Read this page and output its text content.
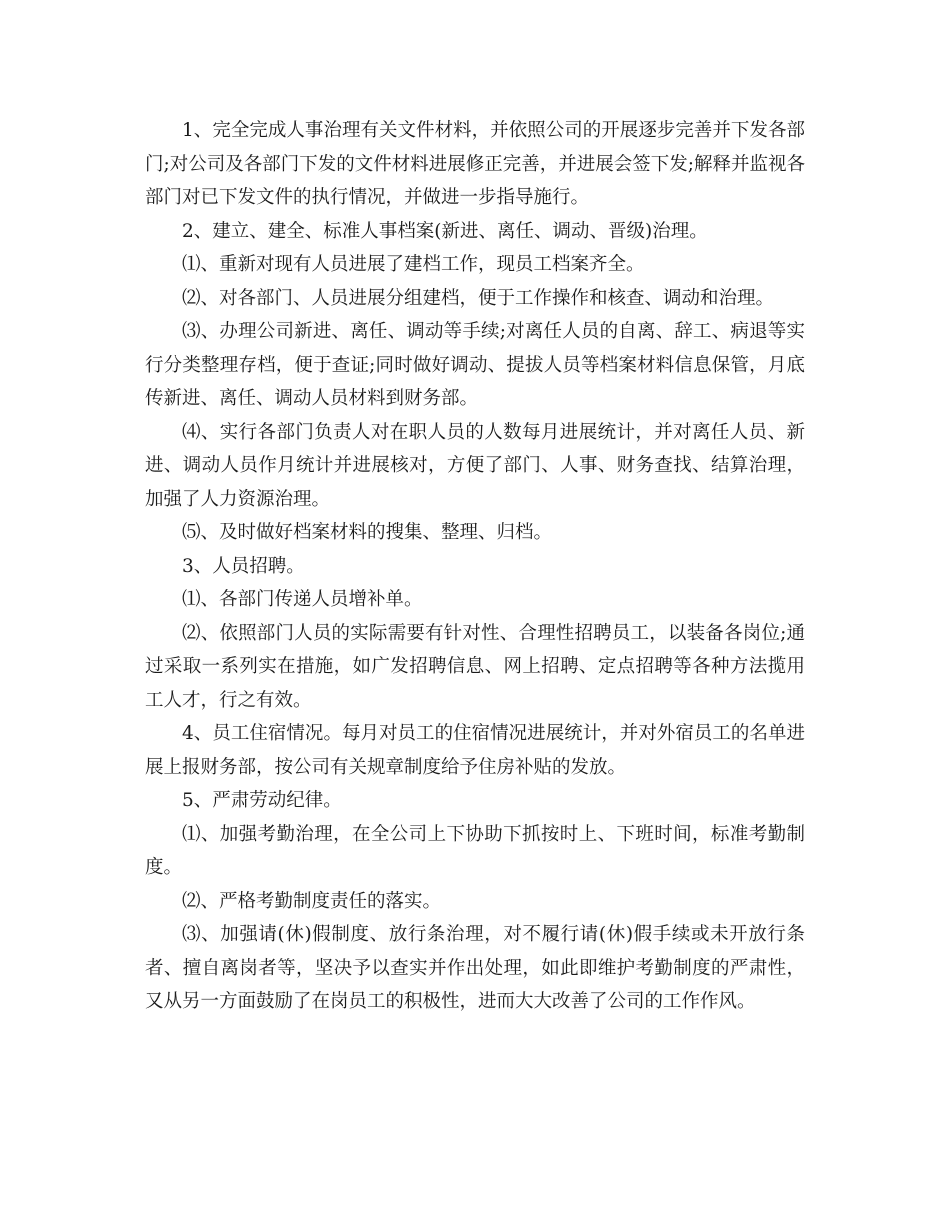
1、完全完成人事治理有关文件材料，并依照公司的开展逐步完善并下发各部门;对公司及各部门下发的文件材料进展修正完善，并进展会签下发;解释并监视各部门对已下发文件的执行情况，并做进一步指导施行。

2、建立、建全、标准人事档案(新进、离任、调动、晋级)治理。

⑴、重新对现有人员进展了建档工作，现员工档案齐全。

⑵、对各部门、人员进展分组建档，便于工作操作和核查、调动和治理。

⑶、办理公司新进、离任、调动等手续;对离任人员的自离、辞工、病退等实行分类整理存档，便于查证;同时做好调动、提拔人员等档案材料信息保管，月底传新进、离任、调动人员材料到财务部。

⑷、实行各部门负责人对在职人员的人数每月进展统计，并对离任人员、新进、调动人员作月统计并进展核对，方便了部门、人事、财务查找、结算治理，加强了人力资源治理。

⑸、及时做好档案材料的搜集、整理、归档。

3、人员招聘。

⑴、各部门传递人员增补单。

⑵、依照部门人员的实际需要有针对性、合理性招聘员工，以装备各岗位;通过采取一系列实在措施，如广发招聘信息、网上招聘、定点招聘等各种方法揽用工人才，行之有效。

4、员工住宿情况。每月对员工的住宿情况进展统计，并对外宿员工的名单进展上报财务部，按公司有关规章制度给予住房补贴的发放。

5、严肃劳动纪律。

⑴、加强考勤治理，在全公司上下协助下抓按时上、下班时间，标准考勤制度。

⑵、严格考勤制度责任的落实。

⑶、加强请(休)假制度、放行条治理，对不履行请(休)假手续或未开放行条者、擅自离岗者等，坚决予以查实并作出处理，如此即维护考勤制度的严肃性，又从另一方面鼓励了在岗员工的积极性，进而大大改善了公司的工作作风。
